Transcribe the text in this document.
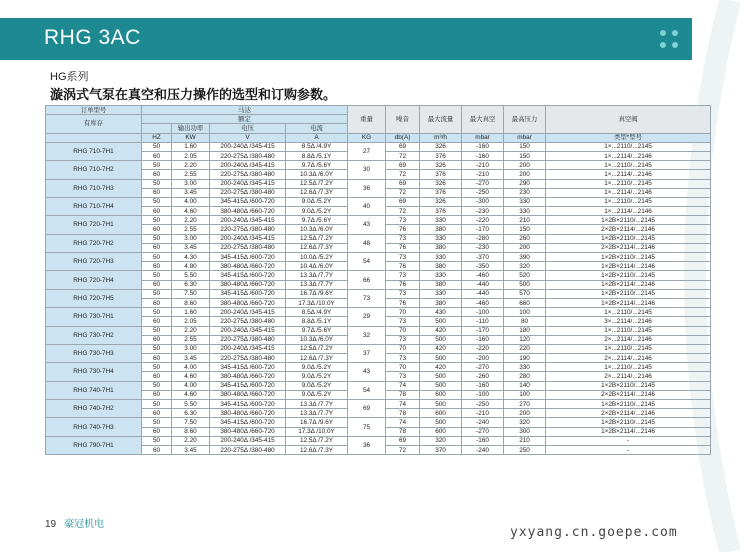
RHG 3AC
HG系列
漩涡式气泵在真空和压力操作的选型和订购参数。
订单型号	马达				重量	噪音	最大流量	最大真空	最高压力	真空阀
有库存	额定									
		输出功率	电压	电流						
	HZ	KW	V	A	KG	db(A)	m³/h	mbar	mbar	类型*型号
RHG 710-7H1	50	1.60	200-240Δ /345-415	8.5Δ /4.9Y	27	69	326	-160	150	1×...2110/...2145
	60	2.05	220-275Δ /380-480	8.8Δ /5.1Y		72	376	-160	150	1×...2114/...2146
RHG 710-7H2	50	2.20	200-240Δ /345-415	9.7Δ /5.6Y	30	69	326	-210	200	1×...2110/...2145
	60	2.55	220-275Δ /380-480	10.3Δ /6.0Y		72	376	-210	200	1×...2114/...2146
RHG 710-7H3	50	3.00	200-240Δ /345-415	12.5Δ /7.2Y	36	69	326	-270	290	1×...2110/...2145
	60	3.45	220-275Δ /380-480	12.6Δ /7.3Y		72	376	-250	230	1×...2114/...2146
RHG 710-7H4	50	4.00	345-415Δ /600-720	9.0Δ /5.2Y	40	69	326	-300	330	1×...2110/...2145
	60	4.60	380-480Δ /660-720	9.0Δ /5.2Y		72	376	-230	330	1×...2114/...2146
RHG 720-7H1	50	2.20	200-240Δ /345-415	9.7Δ /5.6Y	43	73	330	-220	210	1×2B×2110/...2145
	60	2.55	220-275Δ /380-480	10.3Δ /6.0Y		76	380	-170	150	2×2B×2114/...2146
RHG 720-7H2	50	3.00	200-240Δ /345-415	12.5Δ /7.2Y	48	73	330	-280	260	1×2B×2110/...2145
	60	3.45	220-275Δ /380-480	12.6Δ /7.3Y		76	380	-230	200	2×2B×2114/...2146
RHG 720-7H3	50	4.30	345-415Δ /600-720	10.0Δ /5.2Y	54	73	330	-370	390	1×2B×2110/...2145
	60	4.80	380-480Δ /660-720	10.4Δ /6.0Y		76	380	-350	320	1×2B×2114/...2146
RHG 720-7H4	50	5.50	345-415Δ /600-720	13.3Δ /7.7Y	66	73	330	-460	520	1×2B×2110/...2145
	60	6.30	380-480Δ /660-720	13.3Δ /7.7Y		76	380	-440	500	1×2B×2114/...2146
RHG 720-7H5	50	7.50	345-415Δ /600-720	16.7Δ /9.6Y	73	73	330	-440	570	1×2B×2110/...2145
	60	8.60	380-480Δ /660-720	17.3Δ /10.0Y		76	380	-460	660	1×2B×2114/...2146
RHG 730-7H1	50	1.60	200-240Δ /345-415	8.5Δ /4.9Y	29	70	430	-100	100	1×...2110/...2145
	60	2.05	220-275Δ /380-480	8.8Δ /5.1Y		73	500	-110	80	3×...2114/...2146
RHG 730-7H2	50	2.20	200-240Δ /345-415	9.7Δ /5.6Y	32	70	420	-170	180	1×...2110/...2145
	60	2.55	220-275Δ /380-480	10.3Δ /6.0Y		73	500	-160	120	2×...2114/...2146
RHG 730-7H3	50	3.00	200-240Δ /345-415	12.5Δ /7.2Y	37	70	420	-220	220	1×...2110/...2145
	60	3.45	220-275Δ /380-480	12.6Δ /7.3Y		73	500	-200	190	2×...2114/...2146
RHG 730-7H4	50	4.00	345-415Δ /600-720	9.0Δ /5.2Y	43	70	420	-270	330	1×...2110/...2145
	60	4.60	380-480Δ /660-720	9.0Δ /5.2Y		73	500	-260	280	2×...2114/...2146
RHG 740-7H1	50	4.00	345-415Δ /600-720	9.0Δ /5.2Y	54	74	500	-160	140	1×2B×2110/...2145
	60	4.60	380-480Δ /660-720	9.0Δ /5.2Y		78	600	-100	100	2×2B×2114/...2146
RHG 740-7H2	50	5.50	345-415Δ /600-720	13.3Δ /7.7Y	69	74	500	-250	270	1×2B×2110/...2145
	60	6.30	380-480Δ /660-720	13.3Δ /7.7Y		78	600	-210	200	2×2B×2114/...2146
RHG 740-7H3	50	7.50	345-415Δ /600-720	16.7Δ /9.6Y	75	74	500	-240	320	1×2B×2110/...2145
	60	8.60	380-480Δ /660-720	17.3Δ /10.0Y		78	600	-270	300	1×2B×2114/...2146
RHG 790-7H1	50	2.20	200-240Δ /345-415	12.5Δ /7.2Y	36	69	320	-160	210	-
	60	3.45	220-275Δ /380-480	12.6Δ /7.3Y		72	370	-240	250	-
19 豪冠机电
yxyang.cn.goepe.com
